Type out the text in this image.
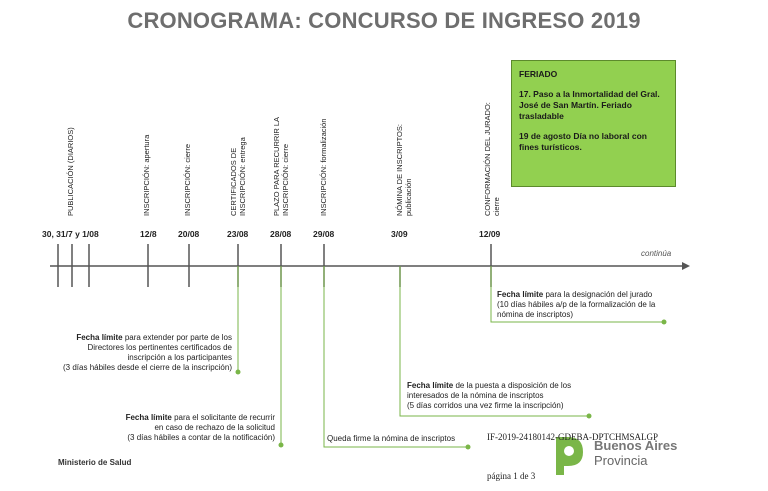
CRONOGRAMA: CONCURSO DE INGRESO 2019

FERIADO

17. Paso a la Inmortalidad del Gral. José de San Martín. Feriado trasladable

19 de agosto Día no laboral con fines turísticos.

PUBLICACIÓN (DIARIOS)	INSCRIPCIÓN: apertura	INSCRIPCIÓN: cierre	CERTIFICADOS DE INSCRIPCIÓN: entrega	PLAZO PARA RECURRIR LA INSCRIPCIÓN: cierre	INSCRIPCIÓN: formalización	NÓMINA DE INSCRIPTOS: publicación	CONFORMACIÓN DEL JURADO: cierre
30, 31/7 y 1/08	12/8	20/08	23/08	28/08	29/08	3/09	12/09
continúa
Fecha límite para la designación del jurado
(10 días hábiles a/p de la formalización de la
nómina de inscriptos)
Fecha límite para extender por parte de los
Directores los pertinentes certificados de
inscripción a los participantes
(3 días hábiles desde el cierre de la inscripción)
Fecha límite de la puesta a disposición de los
interesados de la nómina de inscriptos
(5 días corridos una vez firme la inscripción)
Fecha límite para el solicitante de recurrir
en caso de rechazo de la solicitud
(3 días hábiles a contar de la notificación)	Queda firme la nómina de inscriptos
Ministerio de Salud
IF-2019-24180142-GDEBA-DPTCHMSALGP
Buenos Aires
Provincia
página 1 de 3
